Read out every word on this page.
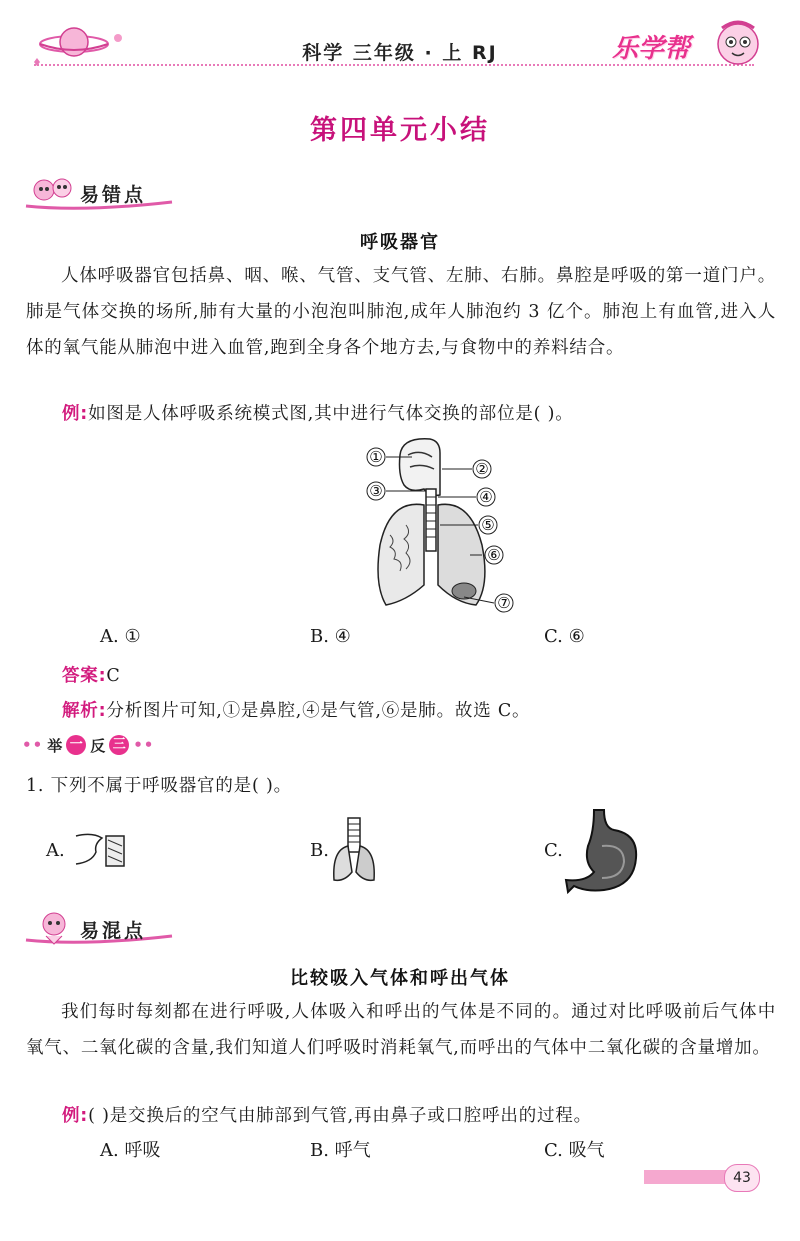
科学 三年级 · 上 RJ	乐学帮
第四单元小结
易错点
呼吸器官
人体呼吸器官包括鼻、咽、喉、气管、支气管、左肺、右肺。鼻腔是呼吸的第一道门户。肺是气体交换的场所,肺有大量的小泡泡叫肺泡,成年人肺泡约 3 亿个。肺泡上有血管,进入人体的氧气能从肺泡中进入血管,跑到全身各个地方去,与食物中的养料结合。
例:如图是人体呼吸系统模式图,其中进行气体交换的部位是( )。
①
②
③	④
⑤
⑥
⑦
A. ①	B. ④	C. ⑥
答案:C
解析:分析图片可知,①是鼻腔,④是气管,⑥是肺。故选 C。
•• 举 一 反 三 ••
1. 下列不属于呼吸器官的是( )。
A.	B.	C.
易混点
比较吸入气体和呼出气体
我们每时每刻都在进行呼吸,人体吸入和呼出的气体是不同的。通过对比呼吸前后气体中氧气、二氧化碳的含量,我们知道人们呼吸时消耗氧气,而呼出的气体中二氧化碳的含量增加。
例:( )是交换后的空气由肺部到气管,再由鼻子或口腔呼出的过程。
A. 呼吸	B. 呼气	C. 吸气
43
